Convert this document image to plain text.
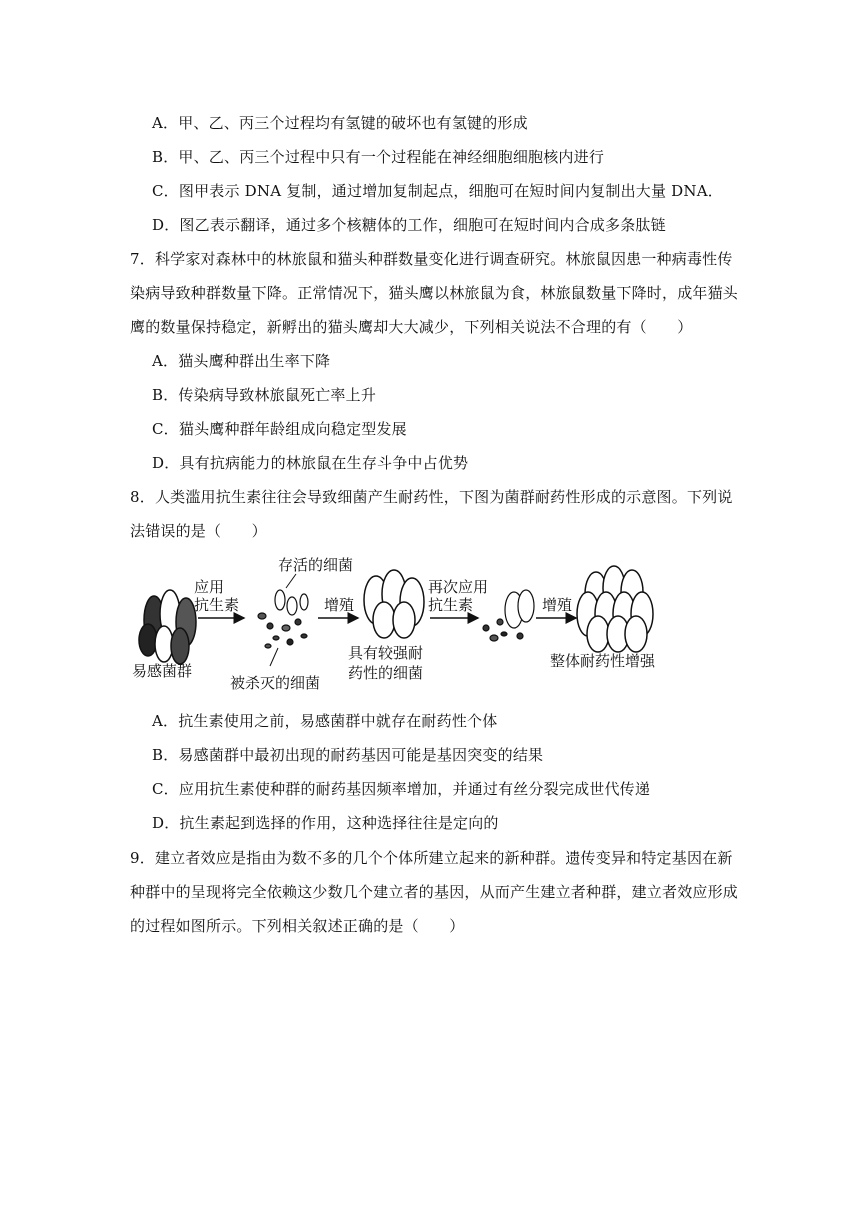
A．甲、乙、丙三个过程均有氢键的破坏也有氢键的形成
B．甲、乙、丙三个过程中只有一个过程能在神经细胞细胞核内进行
C．图甲表示 DNA 复制，通过增加复制起点，细胞可在短时间内复制出大量 DNA．
D．图乙表示翻译，通过多个核糖体的工作，细胞可在短时间内合成多条肽链
7．科学家对森林中的林旅鼠和猫头种群数量变化进行调查研究。林旅鼠因患一种病毒性传
染病导致种群数量下降。正常情况下，猫头鹰以林旅鼠为食，林旅鼠数量下降时，成年猫头
鹰的数量保持稳定，新孵出的猫头鹰却大大减少，下列相关说法不合理的有（　　）
A．猫头鹰种群出生率下降
B．传染病导致林旅鼠死亡率上升
C．猫头鹰种群年龄组成向稳定型发展
D．具有抗病能力的林旅鼠在生存斗争中占优势
8．人类滥用抗生素往往会导致细菌产生耐药性，下图为菌群耐药性形成的示意图。下列说
法错误的是（　　）
易感菌群
应用
抗生素
存活的细菌
被杀灭的细菌
增殖
具有较强耐
药性的细菌
再次应用
抗生素	增殖
整体耐药性增强
A．抗生素使用之前，易感菌群中就存在耐药性个体
B．易感菌群中最初出现的耐药基因可能是基因突变的结果
C．应用抗生素使种群的耐药基因频率增加，并通过有丝分裂完成世代传递
D．抗生素起到选择的作用，这种选择往往是定向的
9．建立者效应是指由为数不多的几个个体所建立起来的新种群。遗传变异和特定基因在新
种群中的呈现将完全依赖这少数几个建立者的基因，从而产生建立者种群，建立者效应形成
的过程如图所示。下列相关叙述正确的是（　　）
